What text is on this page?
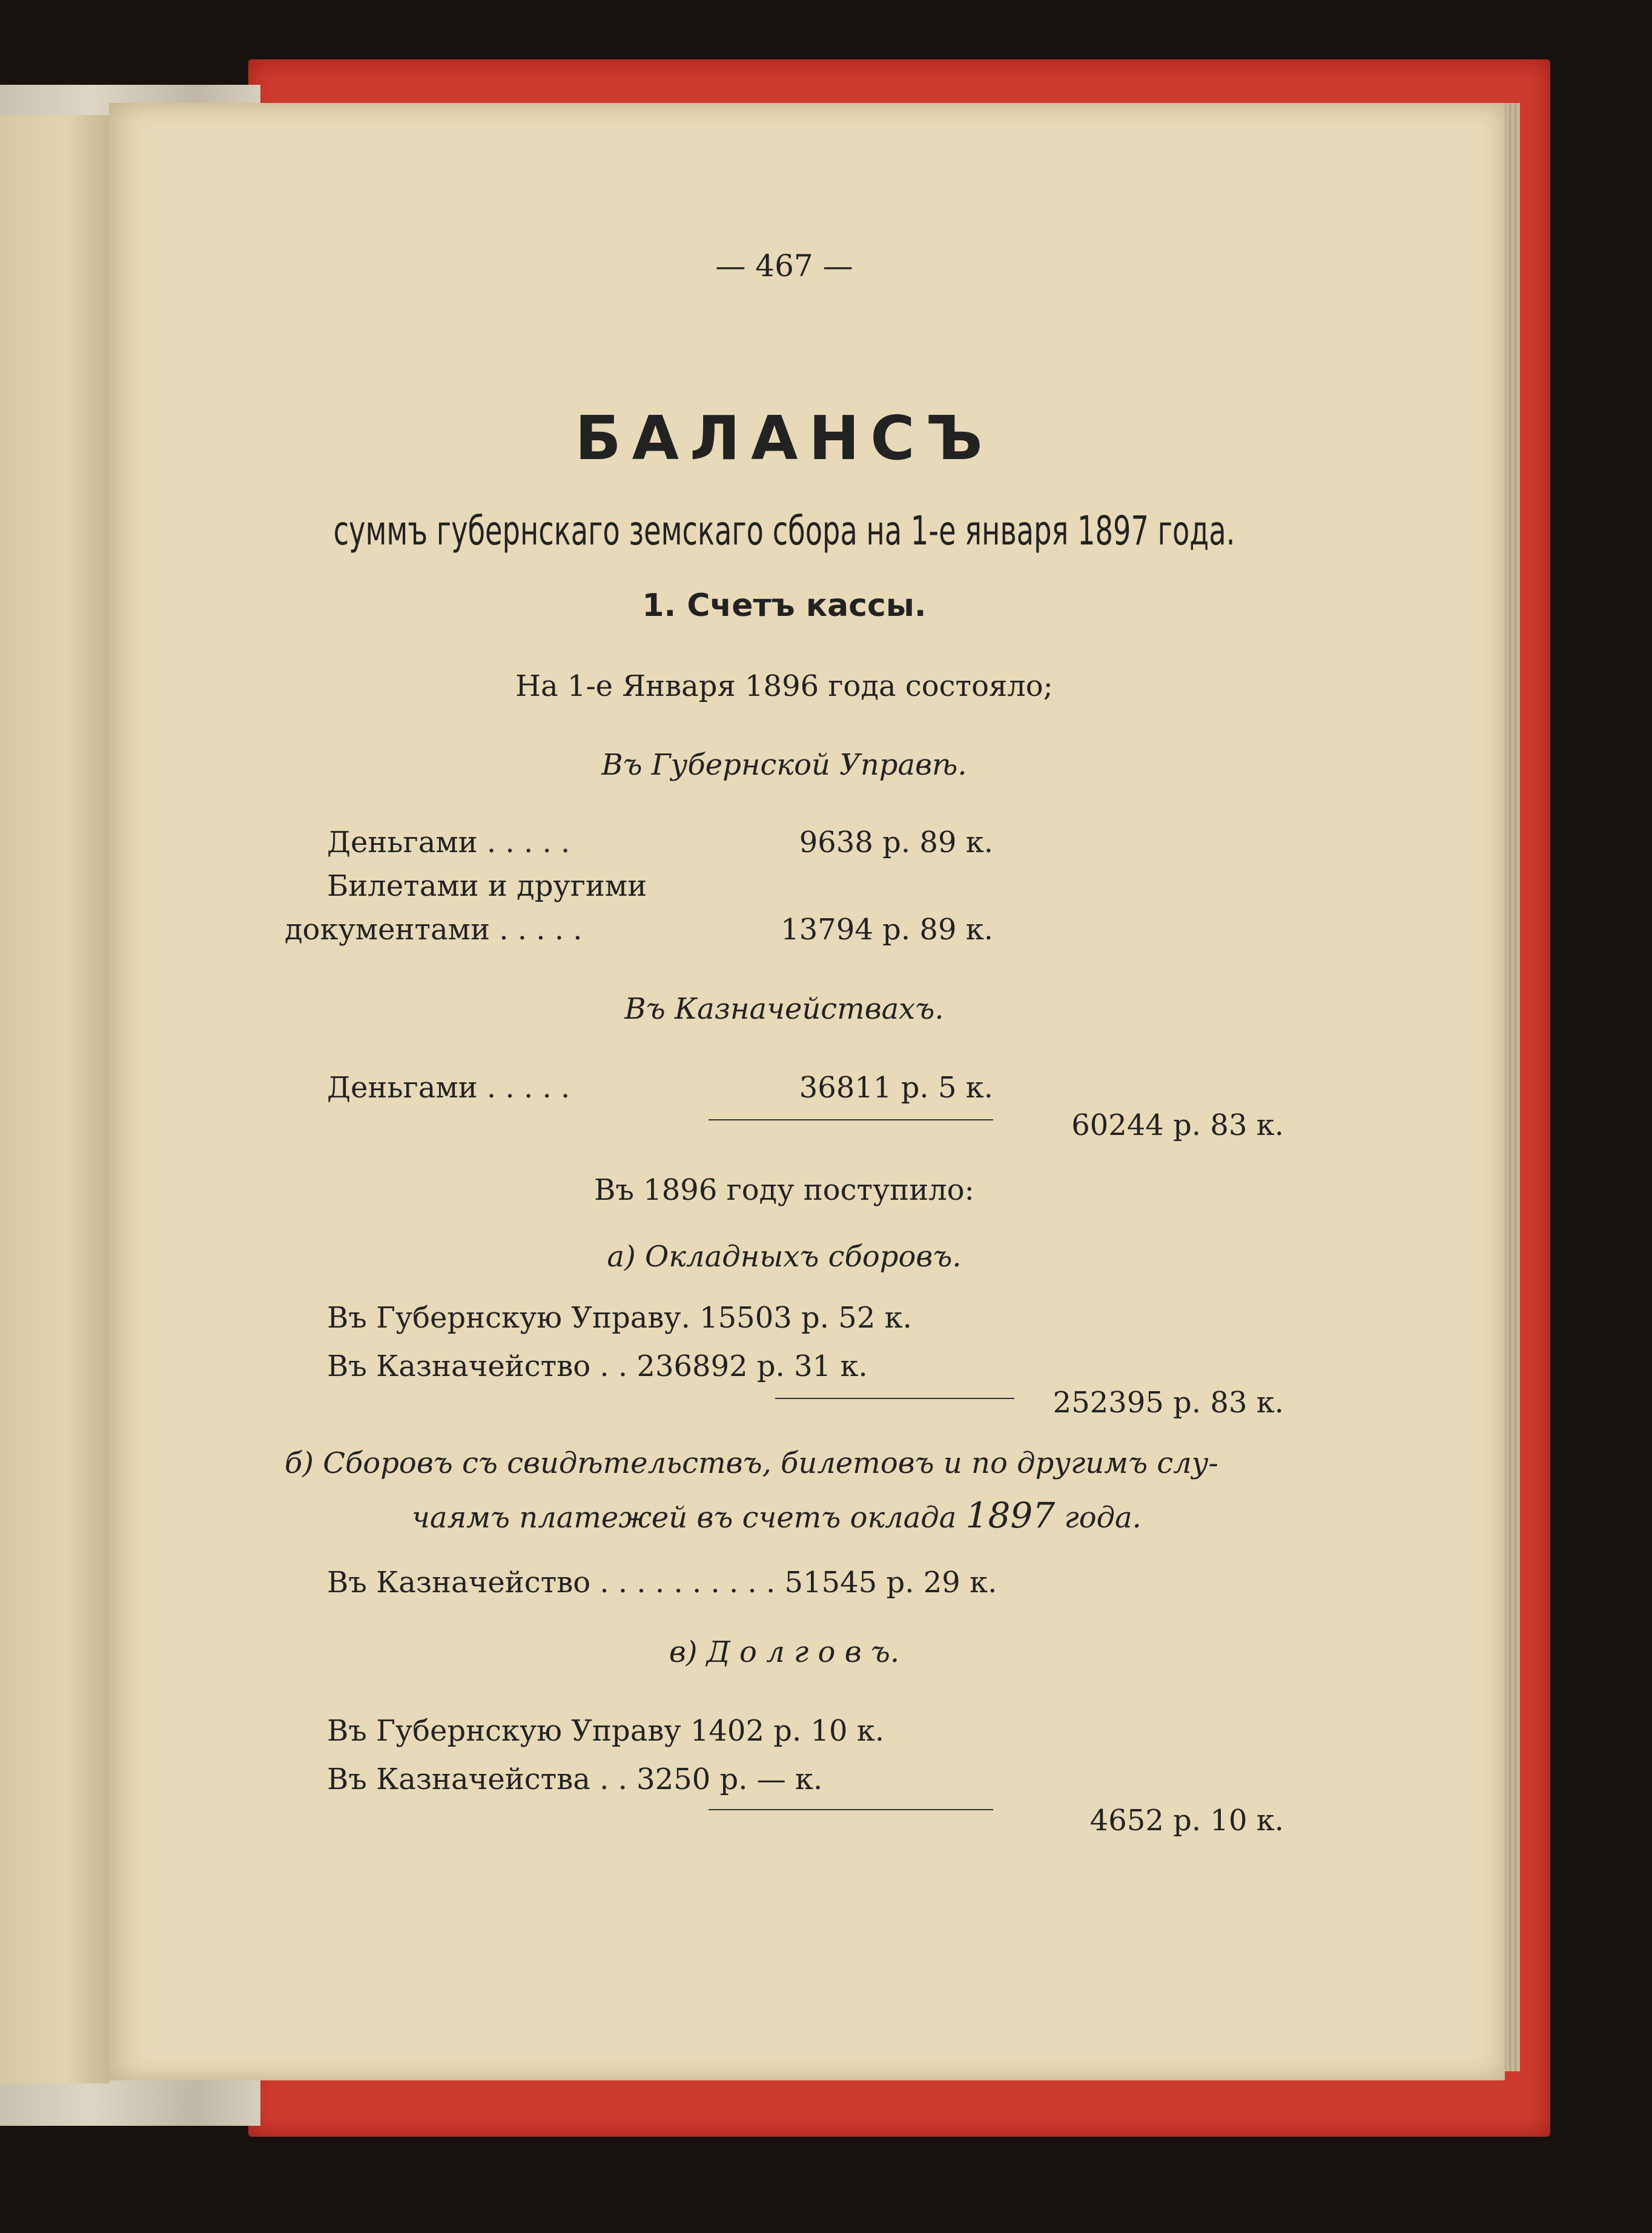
— 467 —
БАЛАНСЪ
суммъ губернскаго земскаго сбора на 1-е января 1897 года.
1. Счетъ кассы.
На 1-е Января 1896 года состояло;
Въ Губернской Управѣ.
Деньгами . . . . .	9638 р. 89 к.
Билетами и другими
документами . . . . .	13794 р. 89 к.
Въ Казначействахъ.
Деньгами . . . . .	36811 р. 5 к.
60244 р. 83 к.
Въ 1896 году поступило:
а) Окладныхъ сборовъ.
Въ Губернскую Управу. 15503 р. 52 к.
Въ Казначейство . . 236892 р. 31 к.
252395 р. 83 к.
б) Сборовъ съ свидѣтельствъ, билетовъ и по другимъ слу-
чаямъ платежей въ счетъ оклада 1897 года.
Въ Казначейство . . . . . . . . . . 51545 р. 29 к.
в) Д о л г о в ъ.
Въ Губернскую Управу 1402 р. 10 к.
Въ Казначейства . . 3250 р. — к.
4652 р. 10 к.
